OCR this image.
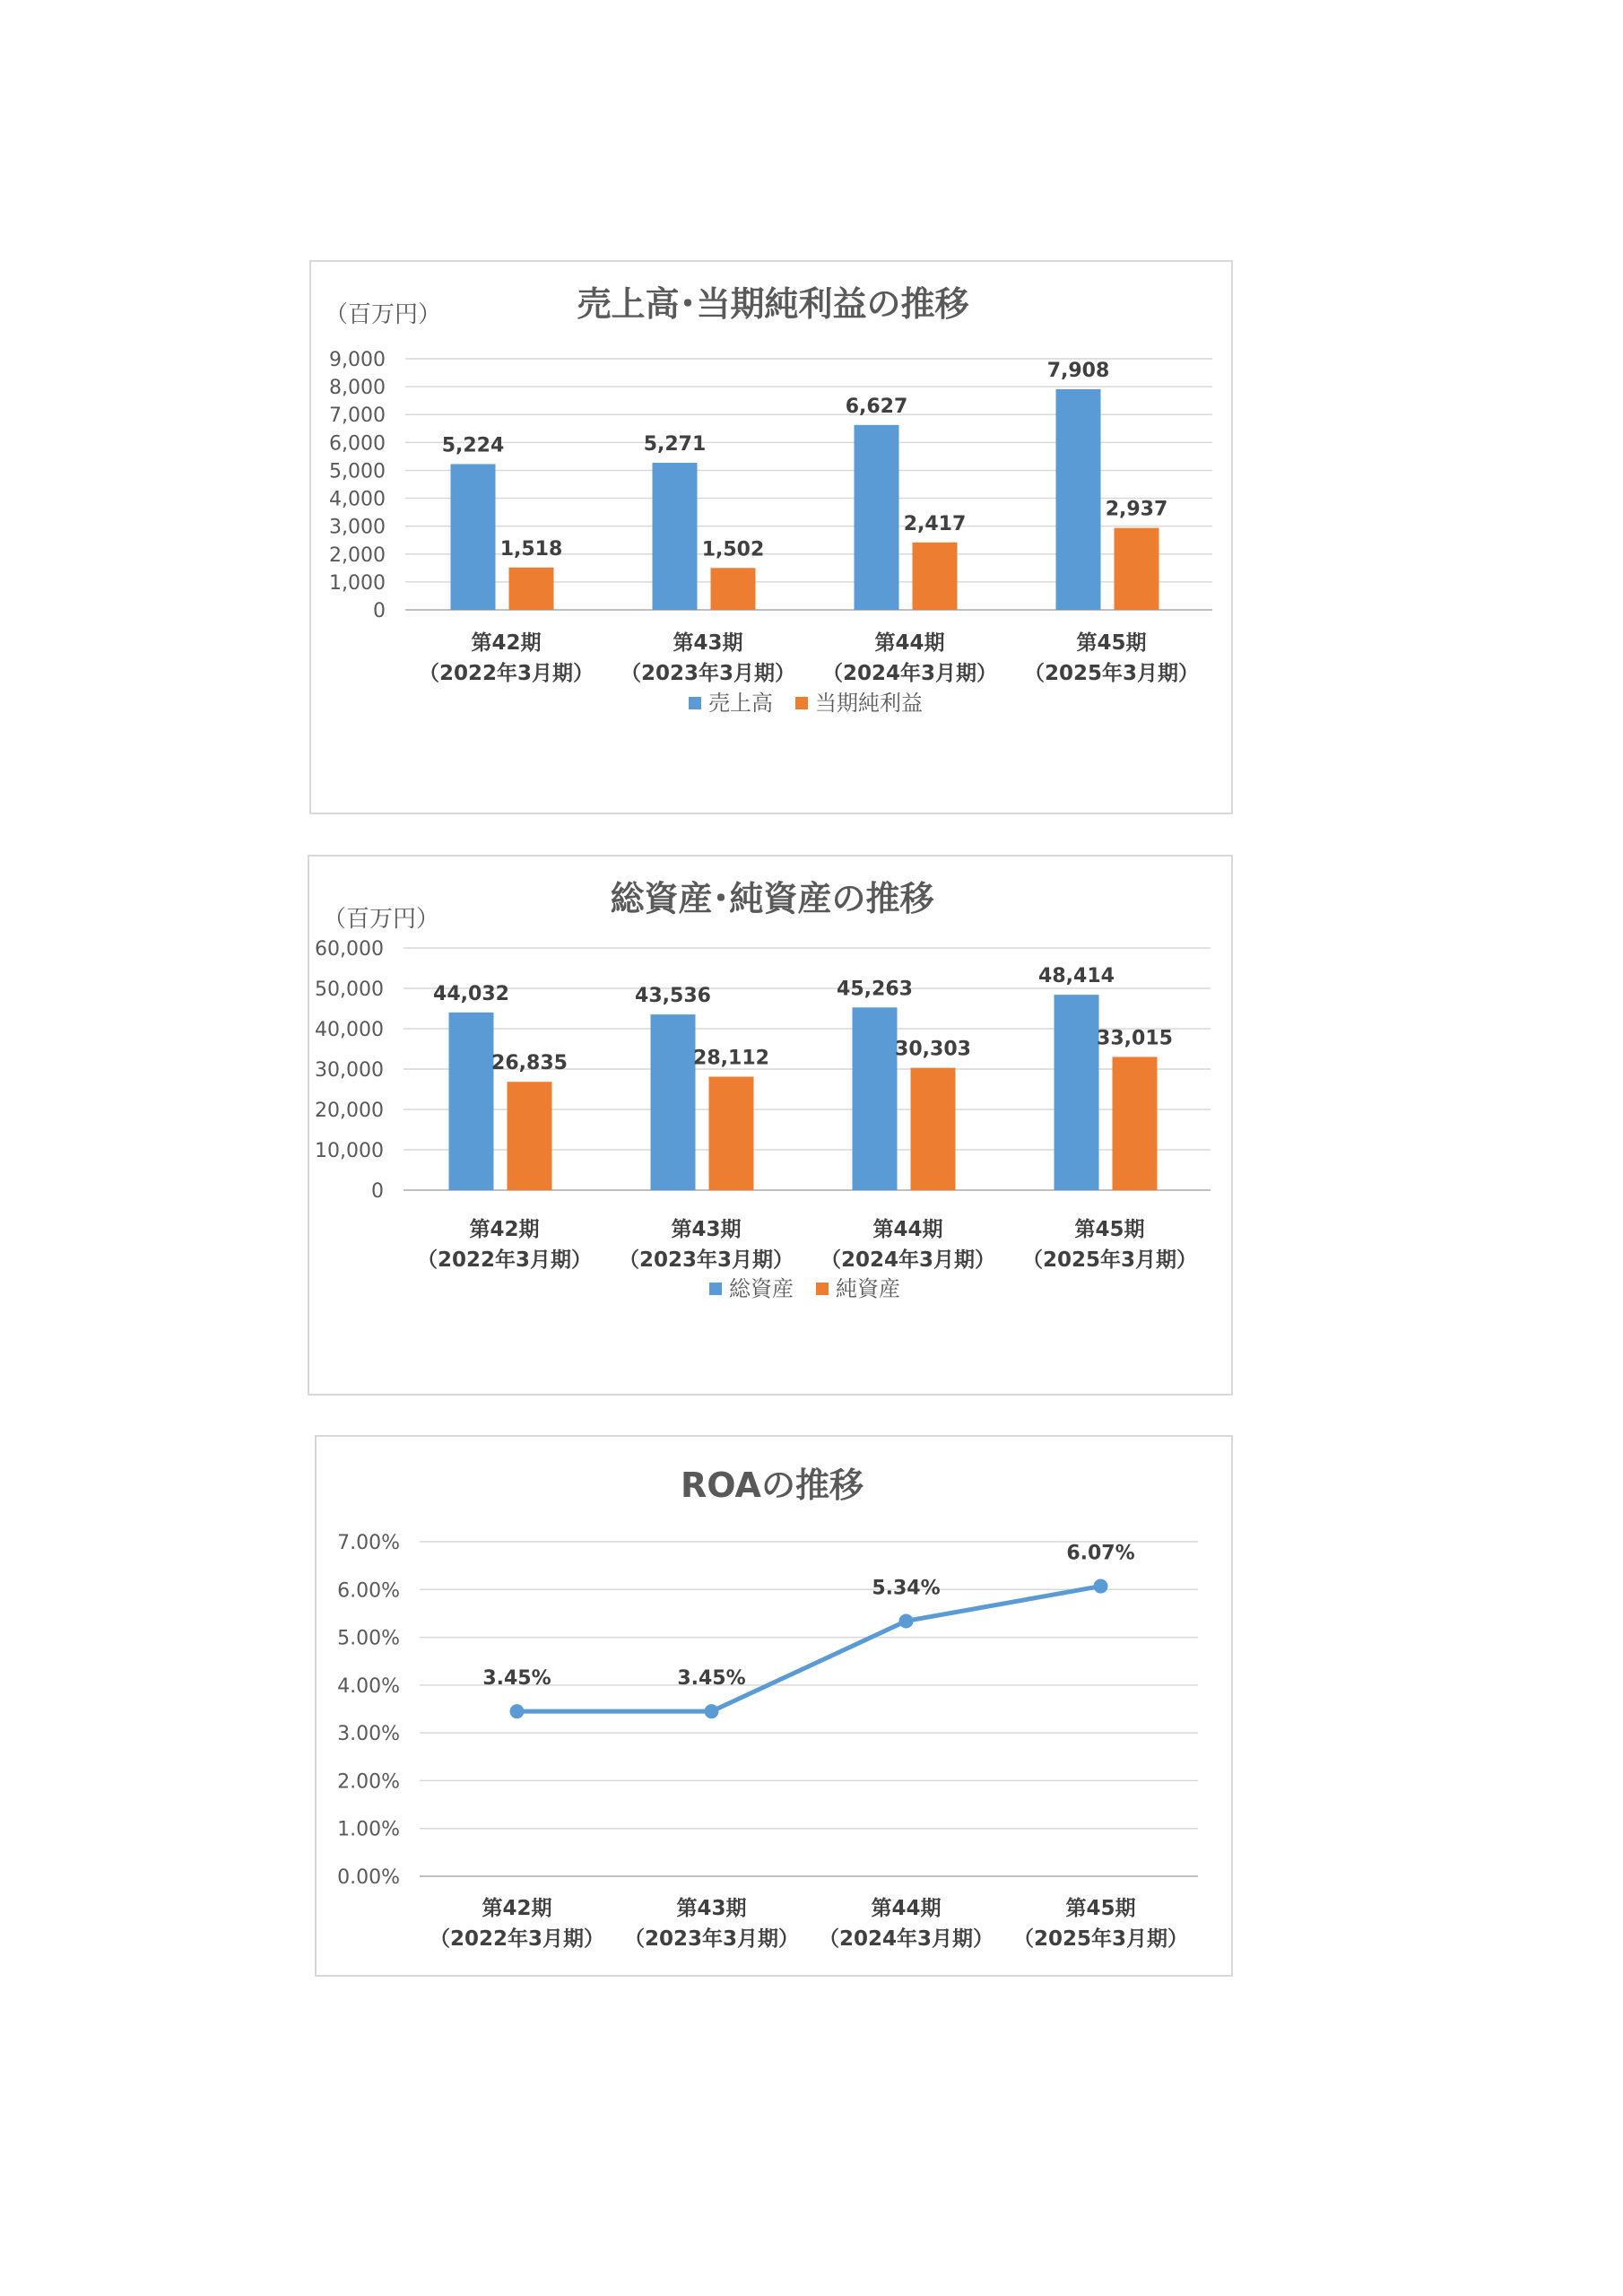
売上高･当期純利益の推移
（百万円）
0
1,000
2,000
3,000
4,000
5,000
6,000
7,000
8,000
9,000
5,224	5,271
6,627
7,908
1,518	1,502
2,417
2,937
第42期
（2022年3月期）
第43期
（2023年3月期）
第44期
（2024年3月期）
第45期
（2025年3月期）
売上高 当期純利益
総資産･純資産の推移
（百万円）
0
10,000
20,000
30,000
40,000
50,000
60,000
44,032	43,536	45,263
48,414
26,835	28,112	30,303	33,015
第42期
（2022年3月期）
第43期
（2023年3月期）
第44期
（2024年3月期）
第45期
（2025年3月期）
総資産 純資産
ROAの推移
0.00%
1.00%
2.00%
3.00%
4.00%
5.00%
6.00%
7.00%
3.45%	3.45%
5.34%
6.07%
第42期
（2022年3月期）
第43期
（2023年3月期）
第44期
（2024年3月期）
第45期
（2025年3月期）
